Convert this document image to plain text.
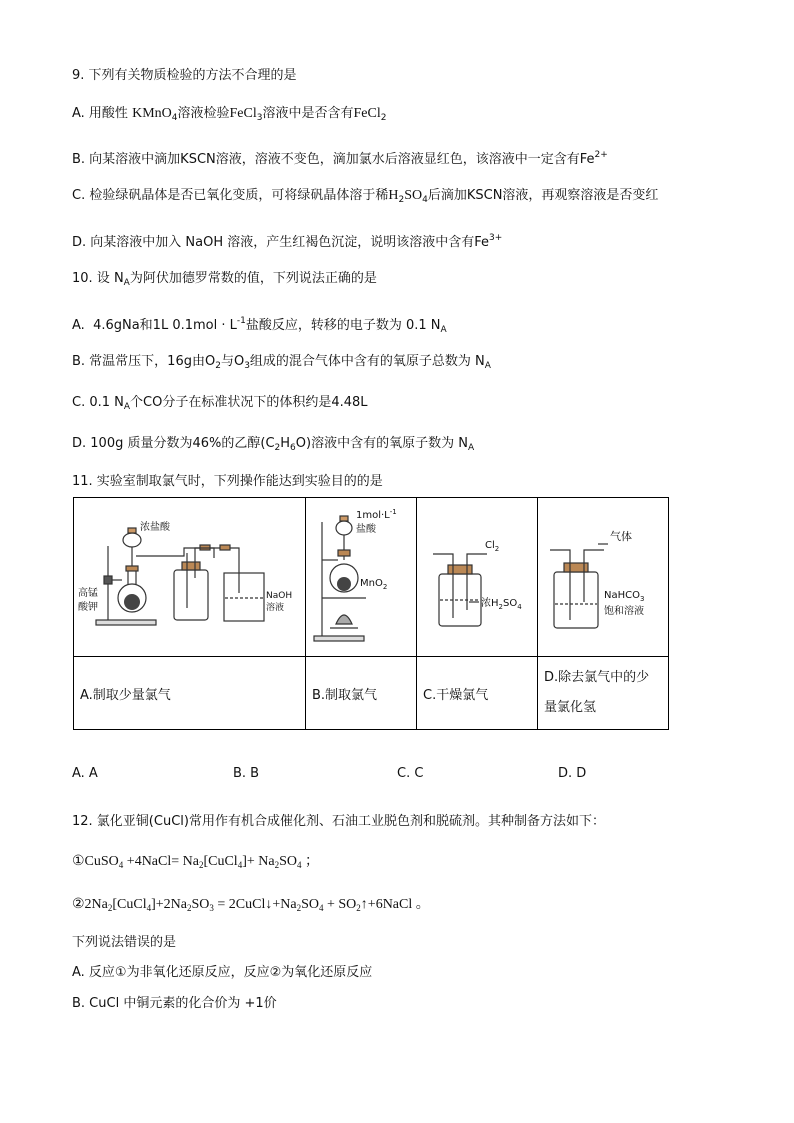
9. 下列有关物质检验的方法不合理的是
A. 用酸性 KMnO$_4$溶液检验FeCl$_3$溶液中是否含有FeCl$_2$
B. 向某溶液中滴加KSCN溶液，溶液不变色，滴加氯水后溶液显红色，该溶液中一定含有$Fe^{2+}$
C. 检验绿矾晶体是否已氧化变质，可将绿矾晶体溶于稀$H_2SO_4$后滴加KSCN溶液，再观察溶液是否变红
D. 向某溶液中加入 NaOH 溶液，产生红褐色沉淀，说明该溶液中含有$Fe^{3+}$
10. 设 $N_A$为阿伏加德罗常数的值，下列说法正确的是
A. 4.6gNa和1L $0.1mol \cdot L^{-1}$盐酸反应，转移的电子数为 0.1 $N_A$
B. 常温常压下，16g由$O_2$与$O_3$组成的混合气体中含有的氧原子总数为 $N_A$
C. 0.1 $N_A$个CO分子在标准状况下的体积约是4.48L
D. 100g 质量分数为46%的乙醇$(C_2H_6O)$溶液中含有的氧原子数为 $N_A$
11. 实验室制取氯气时，下列操作能达到实验目的的是
浓盐酸
高锰
酸钾
NaOH
溶液	$1mol\cdot L^{-1}$
盐酸
MnO$_2$	$Cl_2$
浓$H_2SO_4$	气体
NaHCO$_3$
饱和溶液

A.制取少量氯气	B.制取氯气	C.干燥氯气	D.除去氯气中的少
量氯化氢
A. A	B. B	C. C	D. D
12. 氯化亚铜(CuCl)常用作有机合成催化剂、石油工业脱色剂和脱硫剂。其种制备方法如下：
①CuSO$_4$ +4NaCl= $Na_2[CuCl_4]+ Na_2SO_4$ ；
$②2Na_2[CuCl_4]+2Na_2SO_3$ = $2CuCl↓+Na_2SO_4$ + $SO_2↑+6NaCl$ 。
下列说法错误的是
A. 反应①为非氧化还原反应，反应②为氧化还原反应
B. CuCl 中铜元素的化合价为 +1价
